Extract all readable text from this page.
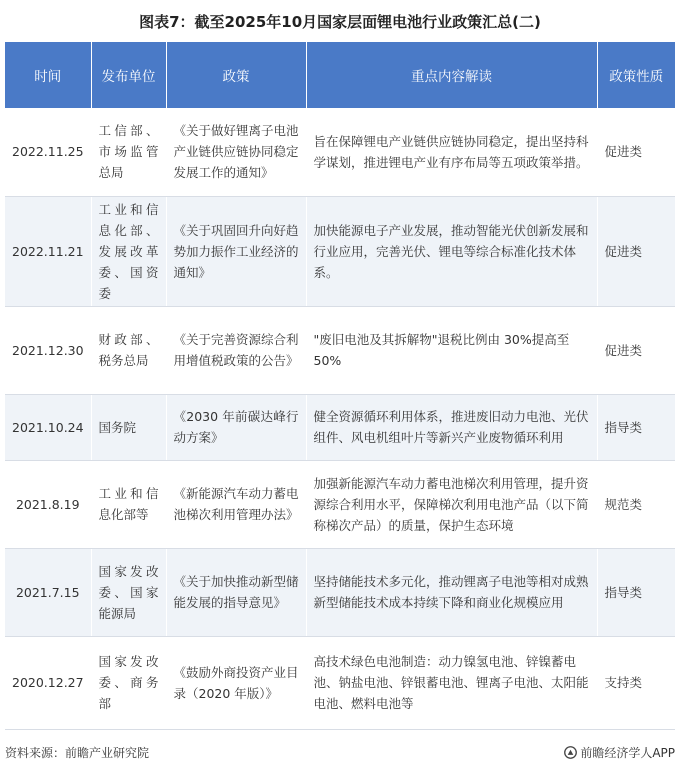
图表7：截至2025年10月国家层面锂电池行业政策汇总(二)
时间	发布单位	政策	重点内容解读	政策性质
2022.11.25	工信部、市场监管总局	《关于做好锂离子电池产业链供应链协同稳定发展工作的通知》	旨在保障锂电产业链供应链协同稳定，提出坚持科学谋划，推进锂电产业有序布局等五项政策举措。	促进类
2022.11.21	工业和信息化部、发展改革委、国资委	《关于巩固回升向好趋势加力振作工业经济的通知》	加快能源电子产业发展，推动智能光伏创新发展和行业应用，完善光伏、锂电等综合标准化技术体系。	促进类
2021.12.30	财政部、税务总局	《关于完善资源综合利用增值税政策的公告》	"废旧电池及其拆解物"退税比例由 30%提高至 50%	促进类
2021.10.24	国务院	《2030 年前碳达峰行动方案》	健全资源循环利用体系，推进废旧动力电池、光伏组件、风电机组叶片等新兴产业废物循环利用	指导类
2021.8.19	工业和信息化部等	《新能源汽车动力蓄电池梯次利用管理办法》	加强新能源汽车动力蓄电池梯次利用管理，提升资源综合利用水平，保障梯次利用电池产品（以下简称梯次产品）的质量，保护生态环境	规范类
2021.7.15	国家发改委、国家能源局	《关于加快推动新型储能发展的指导意见》	坚持储能技术多元化，推动锂离子电池等相对成熟新型储能技术成本持续下降和商业化规模应用	指导类
2020.12.27	国家发改委、商务部	《鼓励外商投资产业目录（2020 年版）》	高技术绿色电池制造：动力镍氢电池、锌镍蓄电池、钠盐电池、锌银蓄电池、锂离子电池、太阳能电池、燃料电池等	支持类
资料来源：前瞻产业研究院	前瞻经济学人APP
